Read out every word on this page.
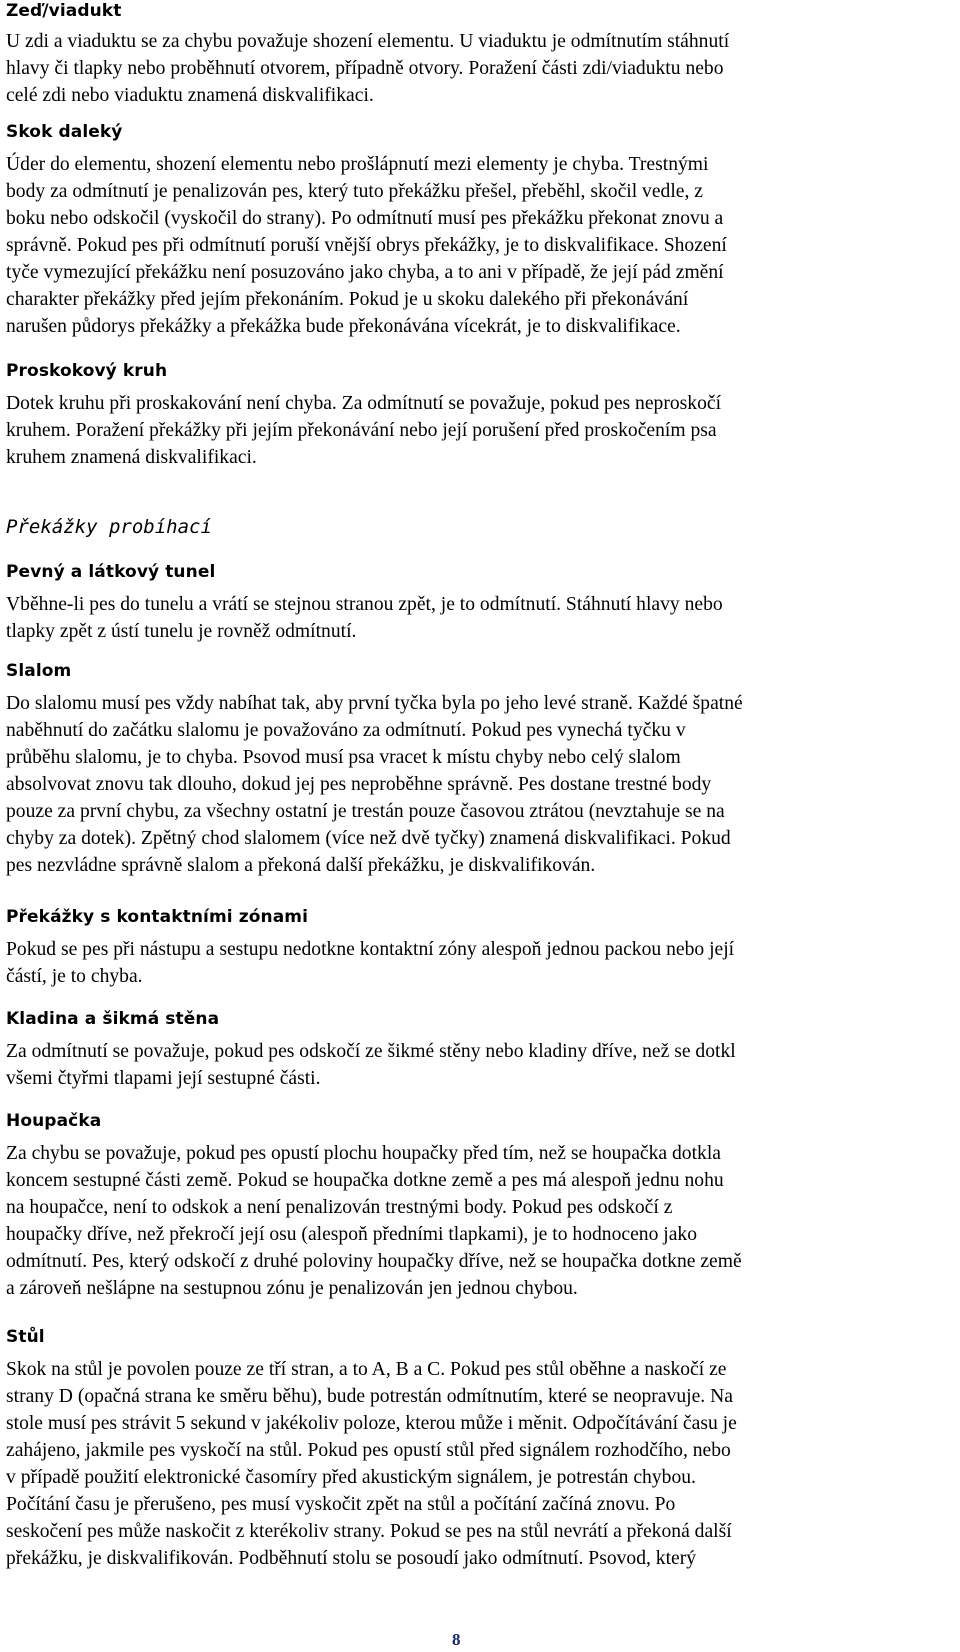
Zeď/viadukt

U zdi a viaduktu se za chybu považuje shození elementu. U viaduktu je odmítnutím stáhnutí
hlavy či tlapky nebo proběhnutí otvorem, případně otvory. Poražení části zdi/viaduktu nebo
celé zdi nebo viaduktu znamená diskvalifikaci.

Skok daleký

Úder do elementu, shození elementu nebo prošlápnutí mezi elementy je chyba. Trestnými
body za odmítnutí je penalizován pes, který tuto překážku přešel, přeběhl, skočil vedle, z
boku nebo odskočil (vyskočil do strany). Po odmítnutí musí pes překážku překonat znovu a
správně. Pokud pes při odmítnutí poruší vnější obrys překážky, je to diskvalifikace. Shození
tyče vymezující překážku není posuzováno jako chyba, a to ani v případě, že její pád změní
charakter překážky před jejím překonáním. Pokud je u skoku dalekého při překonávání
narušen půdorys překážky a překážka bude překonávána vícekrát, je to diskvalifikace.

Proskokový kruh

Dotek kruhu při proskakování není chyba. Za odmítnutí se považuje, pokud pes neproskočí
kruhem. Poražení překážky při jejím překonávání nebo její porušení před proskočením psa
kruhem znamená diskvalifikaci.

Překážky probíhací
Pevný a látkový tunel

Vběhne-li pes do tunelu a vrátí se stejnou stranou zpět, je to odmítnutí. Stáhnutí hlavy nebo
tlapky zpět z ústí tunelu je rovněž odmítnutí.

Slalom

Do slalomu musí pes vždy nabíhat tak, aby první tyčka byla po jeho levé straně. Každé špatné
naběhnutí do začátku slalomu je považováno za odmítnutí. Pokud pes vynechá tyčku v
průběhu slalomu, je to chyba. Psovod musí psa vracet k místu chyby nebo celý slalom
absolvovat znovu tak dlouho, dokud jej pes neproběhne správně. Pes dostane trestné body
pouze za první chybu, za všechny ostatní je trestán pouze časovou ztrátou (nevztahuje se na
chyby za dotek). Zpětný chod slalomem (více než dvě tyčky) znamená diskvalifikaci. Pokud
pes nezvládne správně slalom a překoná další překážku, je diskvalifikován.

Překážky s kontaktními zónami

Pokud se pes při nástupu a sestupu nedotkne kontaktní zóny alespoň jednou packou nebo její
částí, je to chyba.

Kladina a šikmá stěna

Za odmítnutí se považuje, pokud pes odskočí ze šikmé stěny nebo kladiny dříve, než se dotkl
všemi čtyřmi tlapami její sestupné části.

Houpačka

Za chybu se považuje, pokud pes opustí plochu houpačky před tím, než se houpačka dotkla
koncem sestupné části země. Pokud se houpačka dotkne země a pes má alespoň jednu nohu
na houpačce, není to odskok a není penalizován trestnými body. Pokud pes odskočí z
houpačky dříve, než překročí její osu (alespoň předními tlapkami), je to hodnoceno jako
odmítnutí. Pes, který odskočí z druhé poloviny houpačky dříve, než se houpačka dotkne země
a zároveň nešlápne na sestupnou zónu je penalizován jen jednou chybou.

Stůl

Skok na stůl je povolen pouze ze tří stran, a to A, B a C. Pokud pes stůl oběhne a naskočí ze
strany D (opačná strana ke směru běhu), bude potrestán odmítnutím, které se neopravuje. Na
stole musí pes strávit 5 sekund v jakékoliv poloze, kterou může i měnit. Odpočítávání času je
zahájeno, jakmile pes vyskočí na stůl. Pokud pes opustí stůl před signálem rozhodčího, nebo
v případě použití elektronické časomíry před akustickým signálem, je potrestán chybou.
Počítání času je přerušeno, pes musí vyskočit zpět na stůl a počítání začíná znovu. Po
seskočení pes může naskočit z kterékoliv strany. Pokud se pes na stůl nevrátí a překoná další
překážku, je diskvalifikován. Podběhnutí stolu se posoudí jako odmítnutí. Psovod, který

8
